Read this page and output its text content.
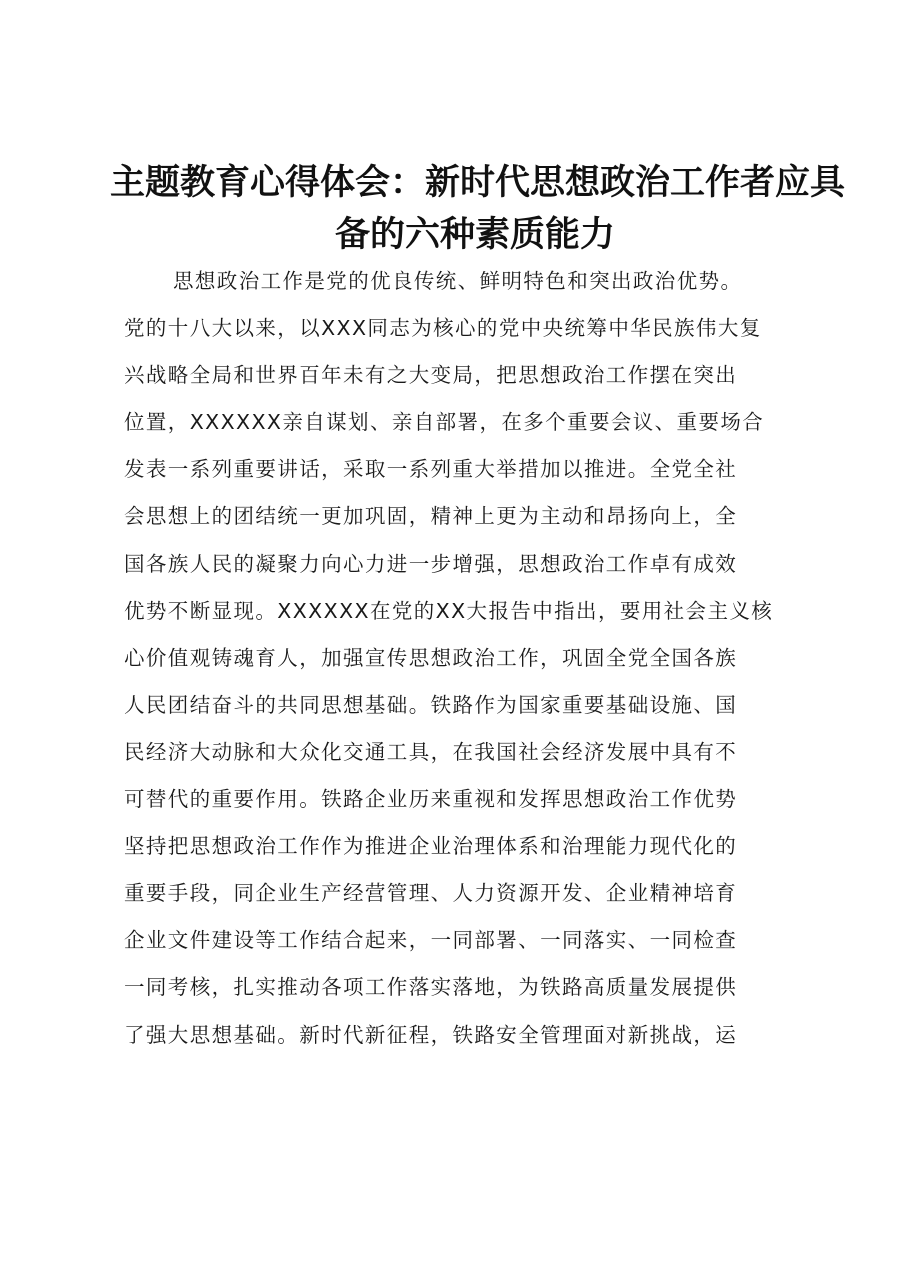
主题教育心得体会：新时代思想政治工作者应具
备的六种素质能力
思想政治工作是党的优良传统、鲜明特色和突出政治优势。
党的十八大以来，以XXX同志为核心的党中央统筹中华民族伟大复
兴战略全局和世界百年未有之大变局，把思想政治工作摆在突出
位置，XXXXXX亲自谋划、亲自部署，在多个重要会议、重要场合
发表一系列重要讲话，采取一系列重大举措加以推进。全党全社
会思想上的团结统一更加巩固，精神上更为主动和昂扬向上，全
国各族人民的凝聚力向心力进一步增强，思想政治工作卓有成效
优势不断显现。XXXXXX在党的XX大报告中指出，要用社会主义核
心价值观铸魂育人，加强宣传思想政治工作，巩固全党全国各族
人民团结奋斗的共同思想基础。铁路作为国家重要基础设施、国
民经济大动脉和大众化交通工具，在我国社会经济发展中具有不
可替代的重要作用。铁路企业历来重视和发挥思想政治工作优势
坚持把思想政治工作作为推进企业治理体系和治理能力现代化的
重要手段，同企业生产经营管理、人力资源开发、企业精神培育
企业文件建设等工作结合起来，一同部署、一同落实、一同检查
一同考核，扎实推动各项工作落实落地，为铁路高质量发展提供
了强大思想基础。新时代新征程，铁路安全管理面对新挑战，运
